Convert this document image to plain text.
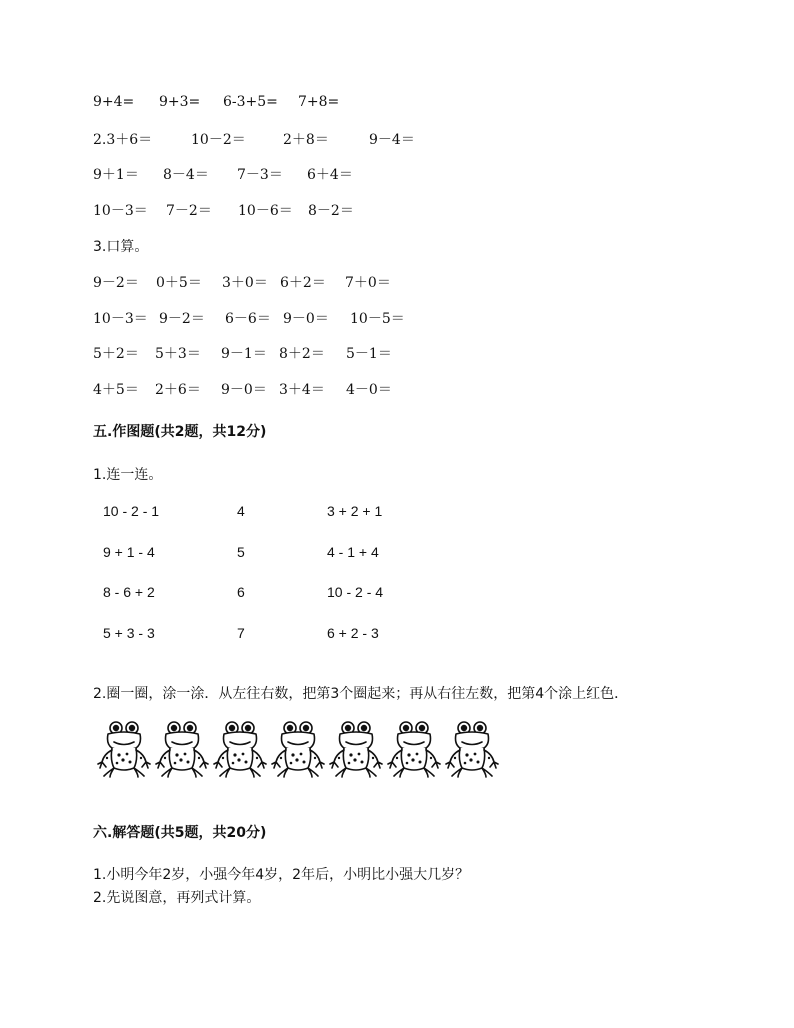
9+4= 9+3= 6-3+5= 7+8=
2.3＋6＝	10－2＝	2＋8＝	9－4＝
9＋1＝ 8－4＝ 7－3＝ 6＋4＝
10－3＝ 7－2＝ 10－6＝ 8－2＝
3.口算。
9－2＝ 0＋5＝ 3＋0＝ 6＋2＝ 7＋0＝
10－3＝ 9－2＝ 6－6＝ 9－0＝ 10－5＝
5＋2＝ 5＋3＝ 9－1＝ 8＋2＝ 5－1＝
4＋5＝ 2＋6＝ 9－0＝ 3＋4＝ 4－0＝
五.作图题(共2题，共12分)
1.连一连。
10 - 2 - 1	4	3 + 2 + 1
9 + 1 - 4	5	4 - 1 + 4
8 - 6 + 2	6	10 - 2 - 4
5 + 3 - 3	7	6 + 2 - 3
2.圈一圈，涂一涂．从左往右数，把第3个圈起来；再从右往左数，把第4个涂上红色．
六.解答题(共5题，共20分)
1.小明今年2岁，小强今年4岁，2年后，小明比小强大几岁？
2.先说图意，再列式计算。
